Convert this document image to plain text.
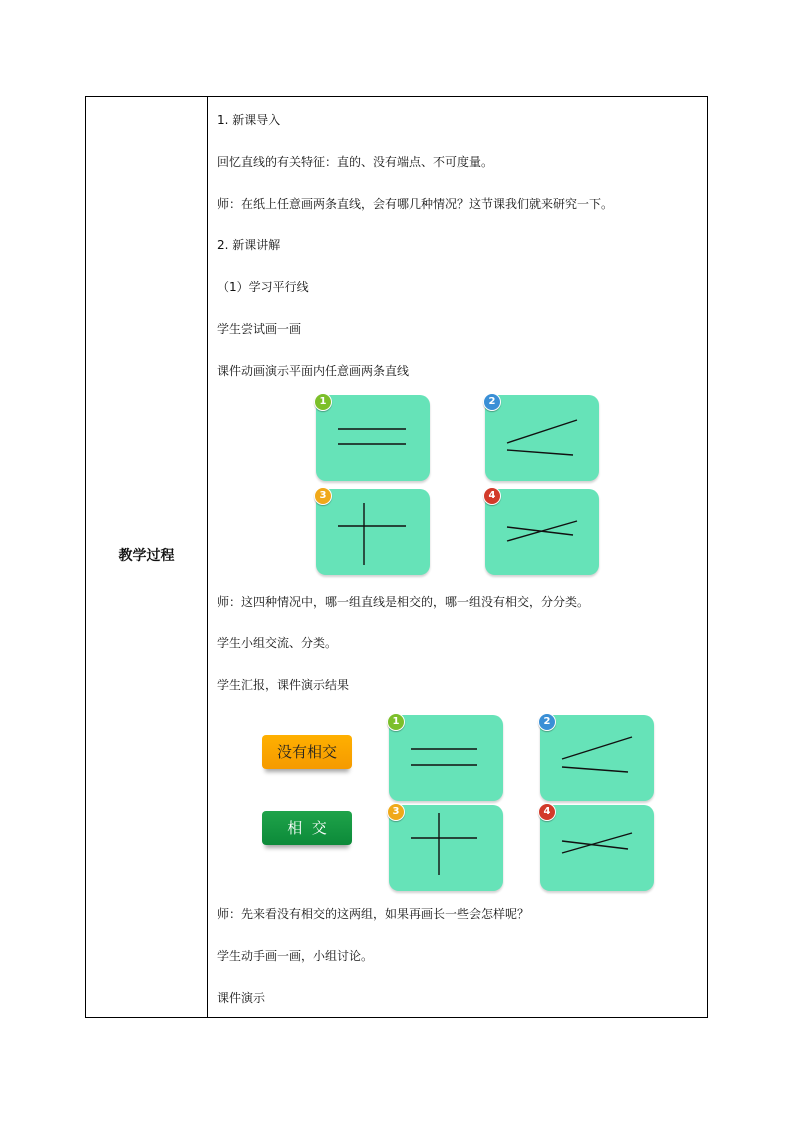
教学过程
1. 新课导入
回忆直线的有关特征：直的、没有端点、不可度量。
师：在纸上任意画两条直线，会有哪几种情况？这节课我们就来研究一下。
2. 新课讲解
（1）学习平行线
学生尝试画一画
课件动画演示平面内任意画两条直线
1	2
3	4
师：这四种情况中，哪一组直线是相交的，哪一组没有相交，分分类。
学生小组交流、分类。
学生汇报，课件演示结果
没有相交
相  交
1	2
3	4
师：先来看没有相交的这两组，如果再画长一些会怎样呢？
学生动手画一画，小组讨论。
课件演示
